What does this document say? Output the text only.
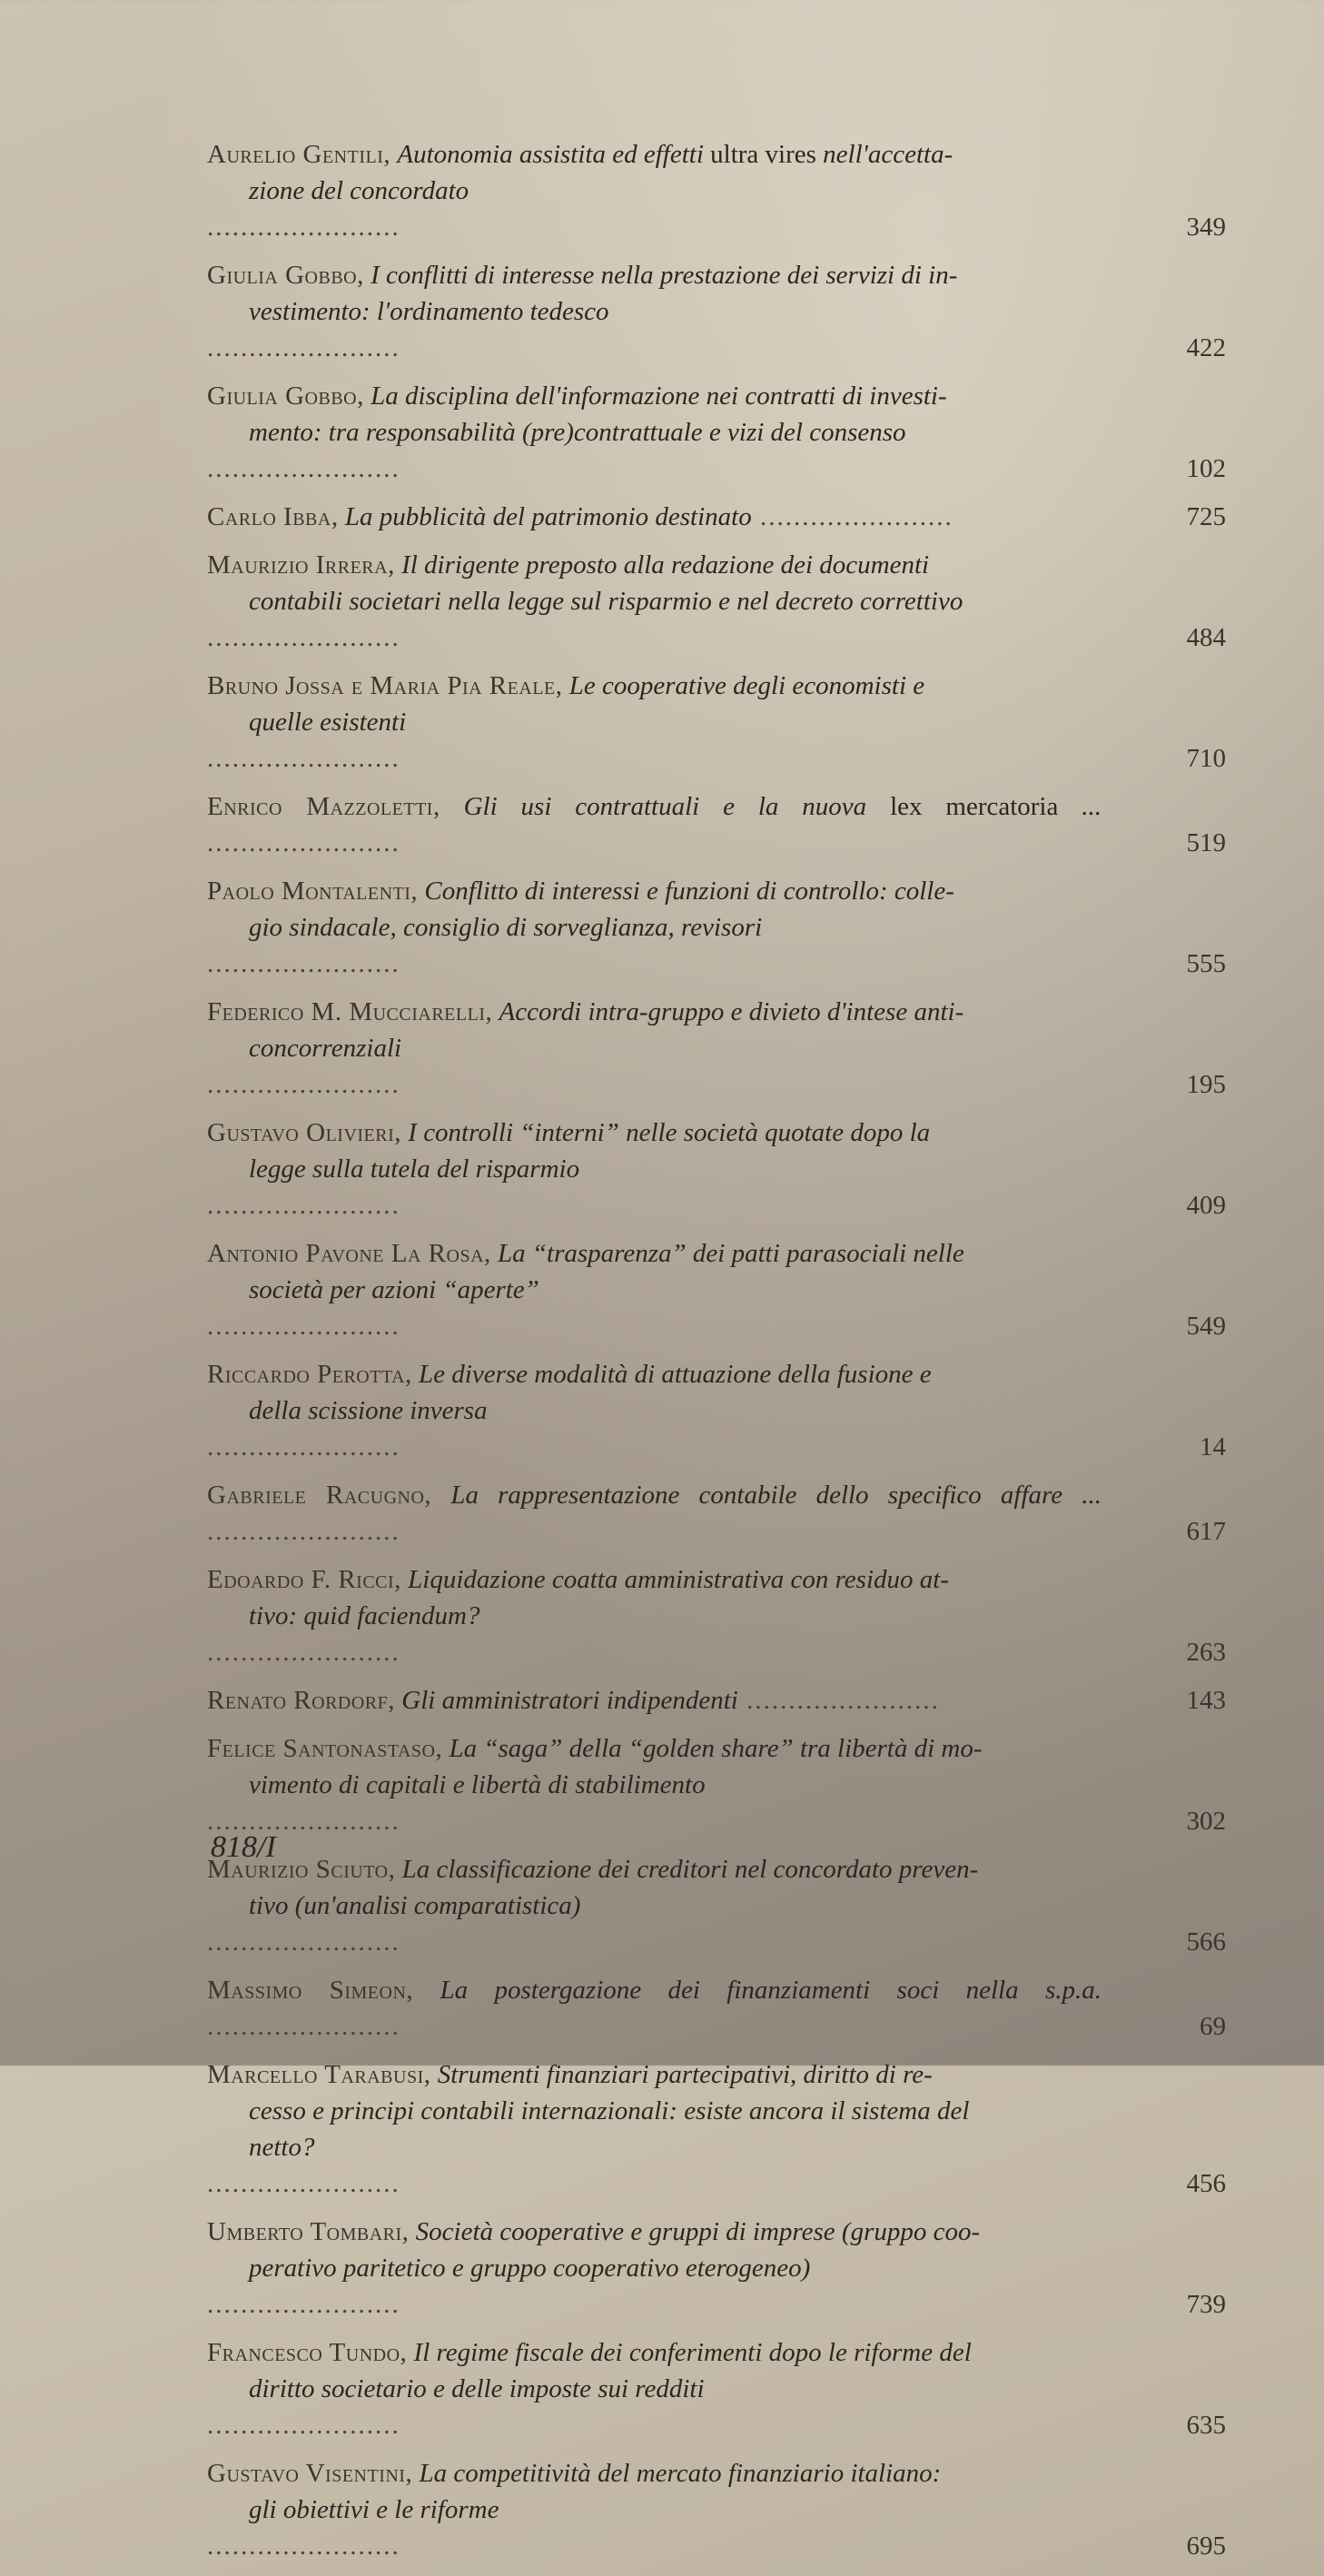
Aurelio Gentili, Autonomia assistita ed effetti ultra vires nell'accetta-
zione del concordato
.......................	349
Giulia Gobbo, I conflitti di interesse nella prestazione dei servizi di in-
vestimento: l'ordinamento tedesco
.......................	422
Giulia Gobbo, La disciplina dell'informazione nei contratti di investi-
mento: tra responsabilità (pre)contrattuale e vizi del consenso
.......................	102
Carlo Ibba, La pubblicità del patrimonio destinato .......................	725
Maurizio Irrera, Il dirigente preposto alla redazione dei documenti
contabili societari nella legge sul risparmio e nel decreto correttivo
.......................	484
Bruno Jossa e Maria Pia Reale, Le cooperative degli economisti e
quelle esistenti
.......................	710
Enrico Mazzoletti, Gli usi contrattuali e la nuova lex mercatoria ... .......................	519
Paolo Montalenti, Conflitto di interessi e funzioni di controllo: colle-
gio sindacale, consiglio di sorveglianza, revisori
.......................	555
Federico M. Mucciarelli, Accordi intra-gruppo e divieto d'intese anti-
concorrenziali
.......................	195
Gustavo Olivieri, I controlli “interni” nelle società quotate dopo la
legge sulla tutela del risparmio
.......................	409
Antonio Pavone La Rosa, La “trasparenza” dei patti parasociali nelle
società per azioni “aperte”
.......................	549
Riccardo Perotta, Le diverse modalità di attuazione della fusione e
della scissione inversa
.......................	14
Gabriele Racugno, La rappresentazione contabile dello specifico affare ... .......................	617
Edoardo F. Ricci, Liquidazione coatta amministrativa con residuo at-
tivo: quid faciendum?
.......................	263
Renato Rordorf, Gli amministratori indipendenti .......................	143
Felice Santonastaso, La “saga” della “golden share” tra libertà di mo-
vimento di capitali e libertà di stabilimento
.......................	302
Maurizio Sciuto, La classificazione dei creditori nel concordato preven-
tivo (un'analisi comparatistica)
.......................	566
Massimo Simeon, La postergazione dei finanziamenti soci nella s.p.a. .......................	69
Marcello Tarabusi, Strumenti finanziari partecipativi, diritto di re-
cesso e principi contabili internazionali: esiste ancora il sistema del
netto?
.......................	456
Umberto Tombari, Società cooperative e gruppi di imprese (gruppo coo-
perativo paritetico e gruppo cooperativo eterogeneo)
.......................	739
Francesco Tundo, Il regime fiscale dei conferimenti dopo le riforme del
diritto societario e delle imposte sui redditi
.......................	635
Gustavo Visentini, La competitività del mercato finanziario italiano:
gli obiettivi e le riforme
.......................	695
818/I
